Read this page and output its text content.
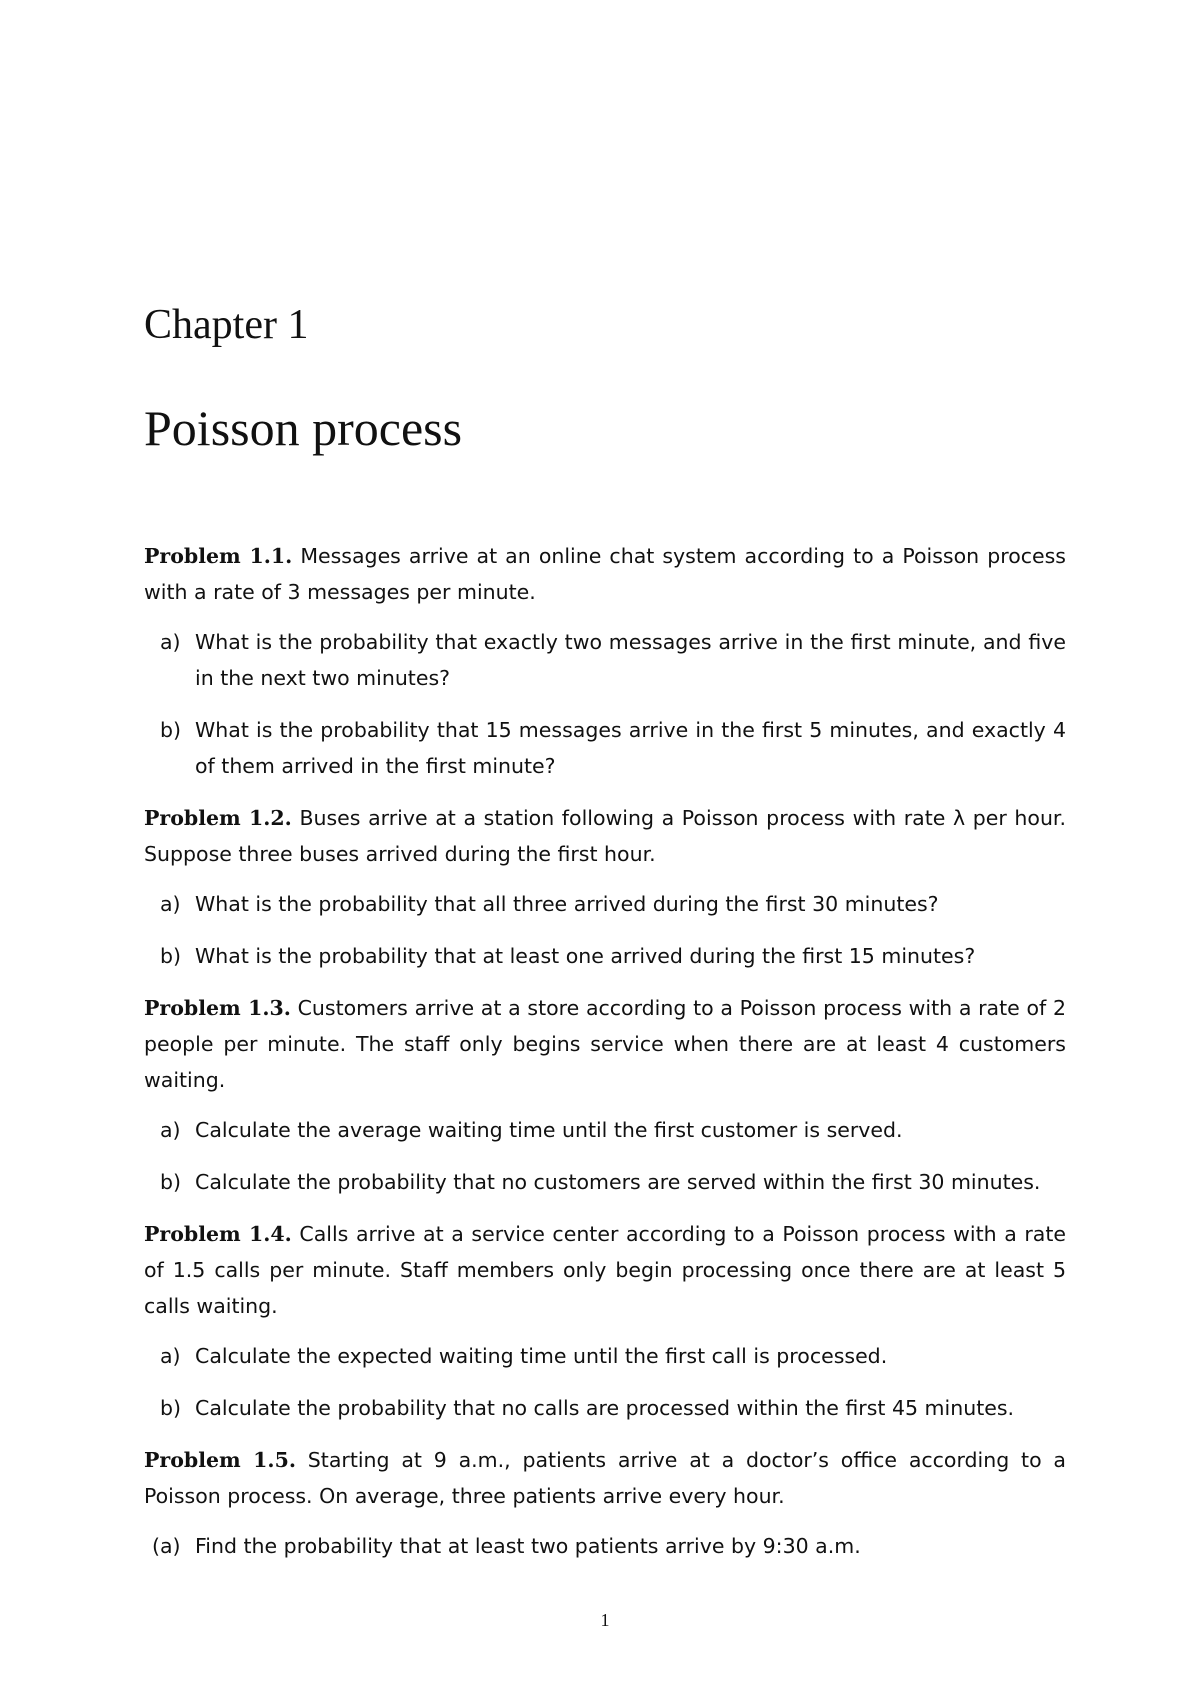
Chapter 1
Poisson process

Problem 1.1. Messages arrive at an online chat system according to a Poisson process with a rate of 3 messages per minute.

a) What is the probability that exactly two messages arrive in the first minute, and five in the next two minutes?
b) What is the probability that 15 messages arrive in the first 5 minutes, and exactly 4 of them arrived in the first minute?

Problem 1.2. Buses arrive at a station following a Poisson process with rate λ per hour. Suppose three buses arrived during the first hour.

a) What is the probability that all three arrived during the first 30 minutes?
b) What is the probability that at least one arrived during the first 15 minutes?

Problem 1.3. Customers arrive at a store according to a Poisson process with a rate of 2 people per minute. The staff only begins service when there are at least 4 customers waiting.

a) Calculate the average waiting time until the first customer is served.
b) Calculate the probability that no customers are served within the first 30 minutes.

Problem 1.4. Calls arrive at a service center according to a Poisson process with a rate of 1.5 calls per minute. Staff members only begin processing once there are at least 5 calls waiting.

a) Calculate the expected waiting time until the first call is processed.
b) Calculate the probability that no calls are processed within the first 45 minutes.

Problem 1.5. Starting at 9 a.m., patients arrive at a doctor’s office according to a Poisson process. On average, three patients arrive every hour.

(a) Find the probability that at least two patients arrive by 9:30 a.m.
1
